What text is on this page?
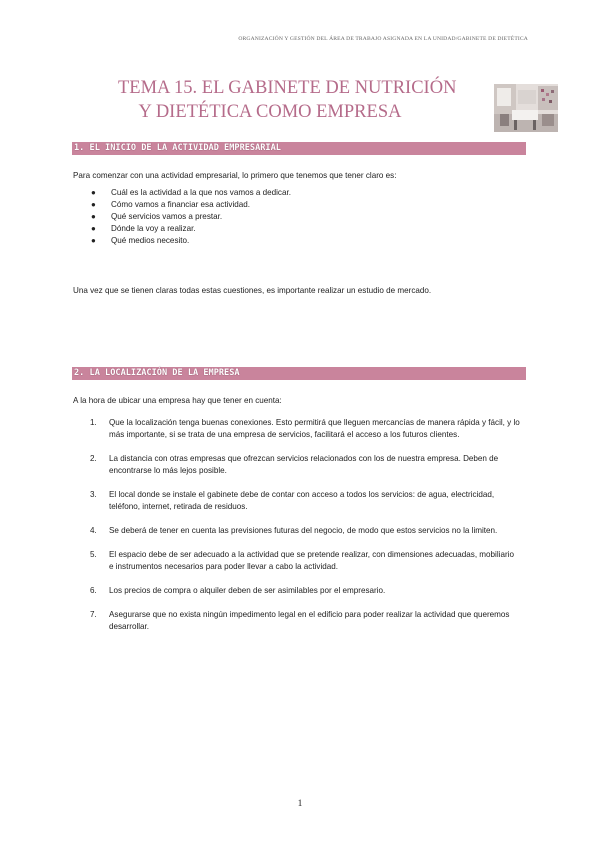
ORGANIZACIÓN Y GESTIÓN DEL ÁREA DE TRABAJO ASIGNADA EN LA UNIDAD/GABINETE DE DIETÉTICA
TEMA 15. EL GABINETE DE NUTRICIÓN
Y DIETÉTICA COMO EMPRESA
1. EL INICIO DE LA ACTIVIDAD EMPRESARIAL
Para comenzar con una actividad empresarial, lo primero que tenemos que tener claro es:
● Cuál es la actividad a la que nos vamos a dedicar.
● Cómo vamos a financiar esa actividad.
● Qué servicios vamos a prestar.
● Dónde la voy a realizar.
● Qué medios necesito.
Una vez que se tienen claras todas estas cuestiones, es importante realizar un estudio de mercado.
2. LA LOCALIZACIÓN DE LA EMPRESA
A la hora de ubicar una empresa hay que tener en cuenta:
1. Que la localización tenga buenas conexiones. Esto permitirá que lleguen mercancías de manera rápida y fácil, y lo más importante, si se trata de una empresa de servicios, facilitará el acceso a los futuros clientes.
2. La distancia con otras empresas que ofrezcan servicios relacionados con los de nuestra empresa. Deben de encontrarse lo más lejos posible.
3. El local donde se instale el gabinete debe de contar con acceso a todos los servicios: de agua, electricidad, teléfono, internet, retirada de residuos.
4. Se deberá de tener en cuenta las previsiones futuras del negocio, de modo que estos servicios no la limiten.
5. El espacio debe de ser adecuado a la actividad que se pretende realizar, con dimensiones adecuadas, mobiliario e instrumentos necesarios para poder llevar a cabo la actividad.
6. Los precios de compra o alquiler deben de ser asimilables por el empresario.
7. Asegurarse que no exista ningún impedimento legal en el edificio para poder realizar la actividad que queremos desarrollar.
1
